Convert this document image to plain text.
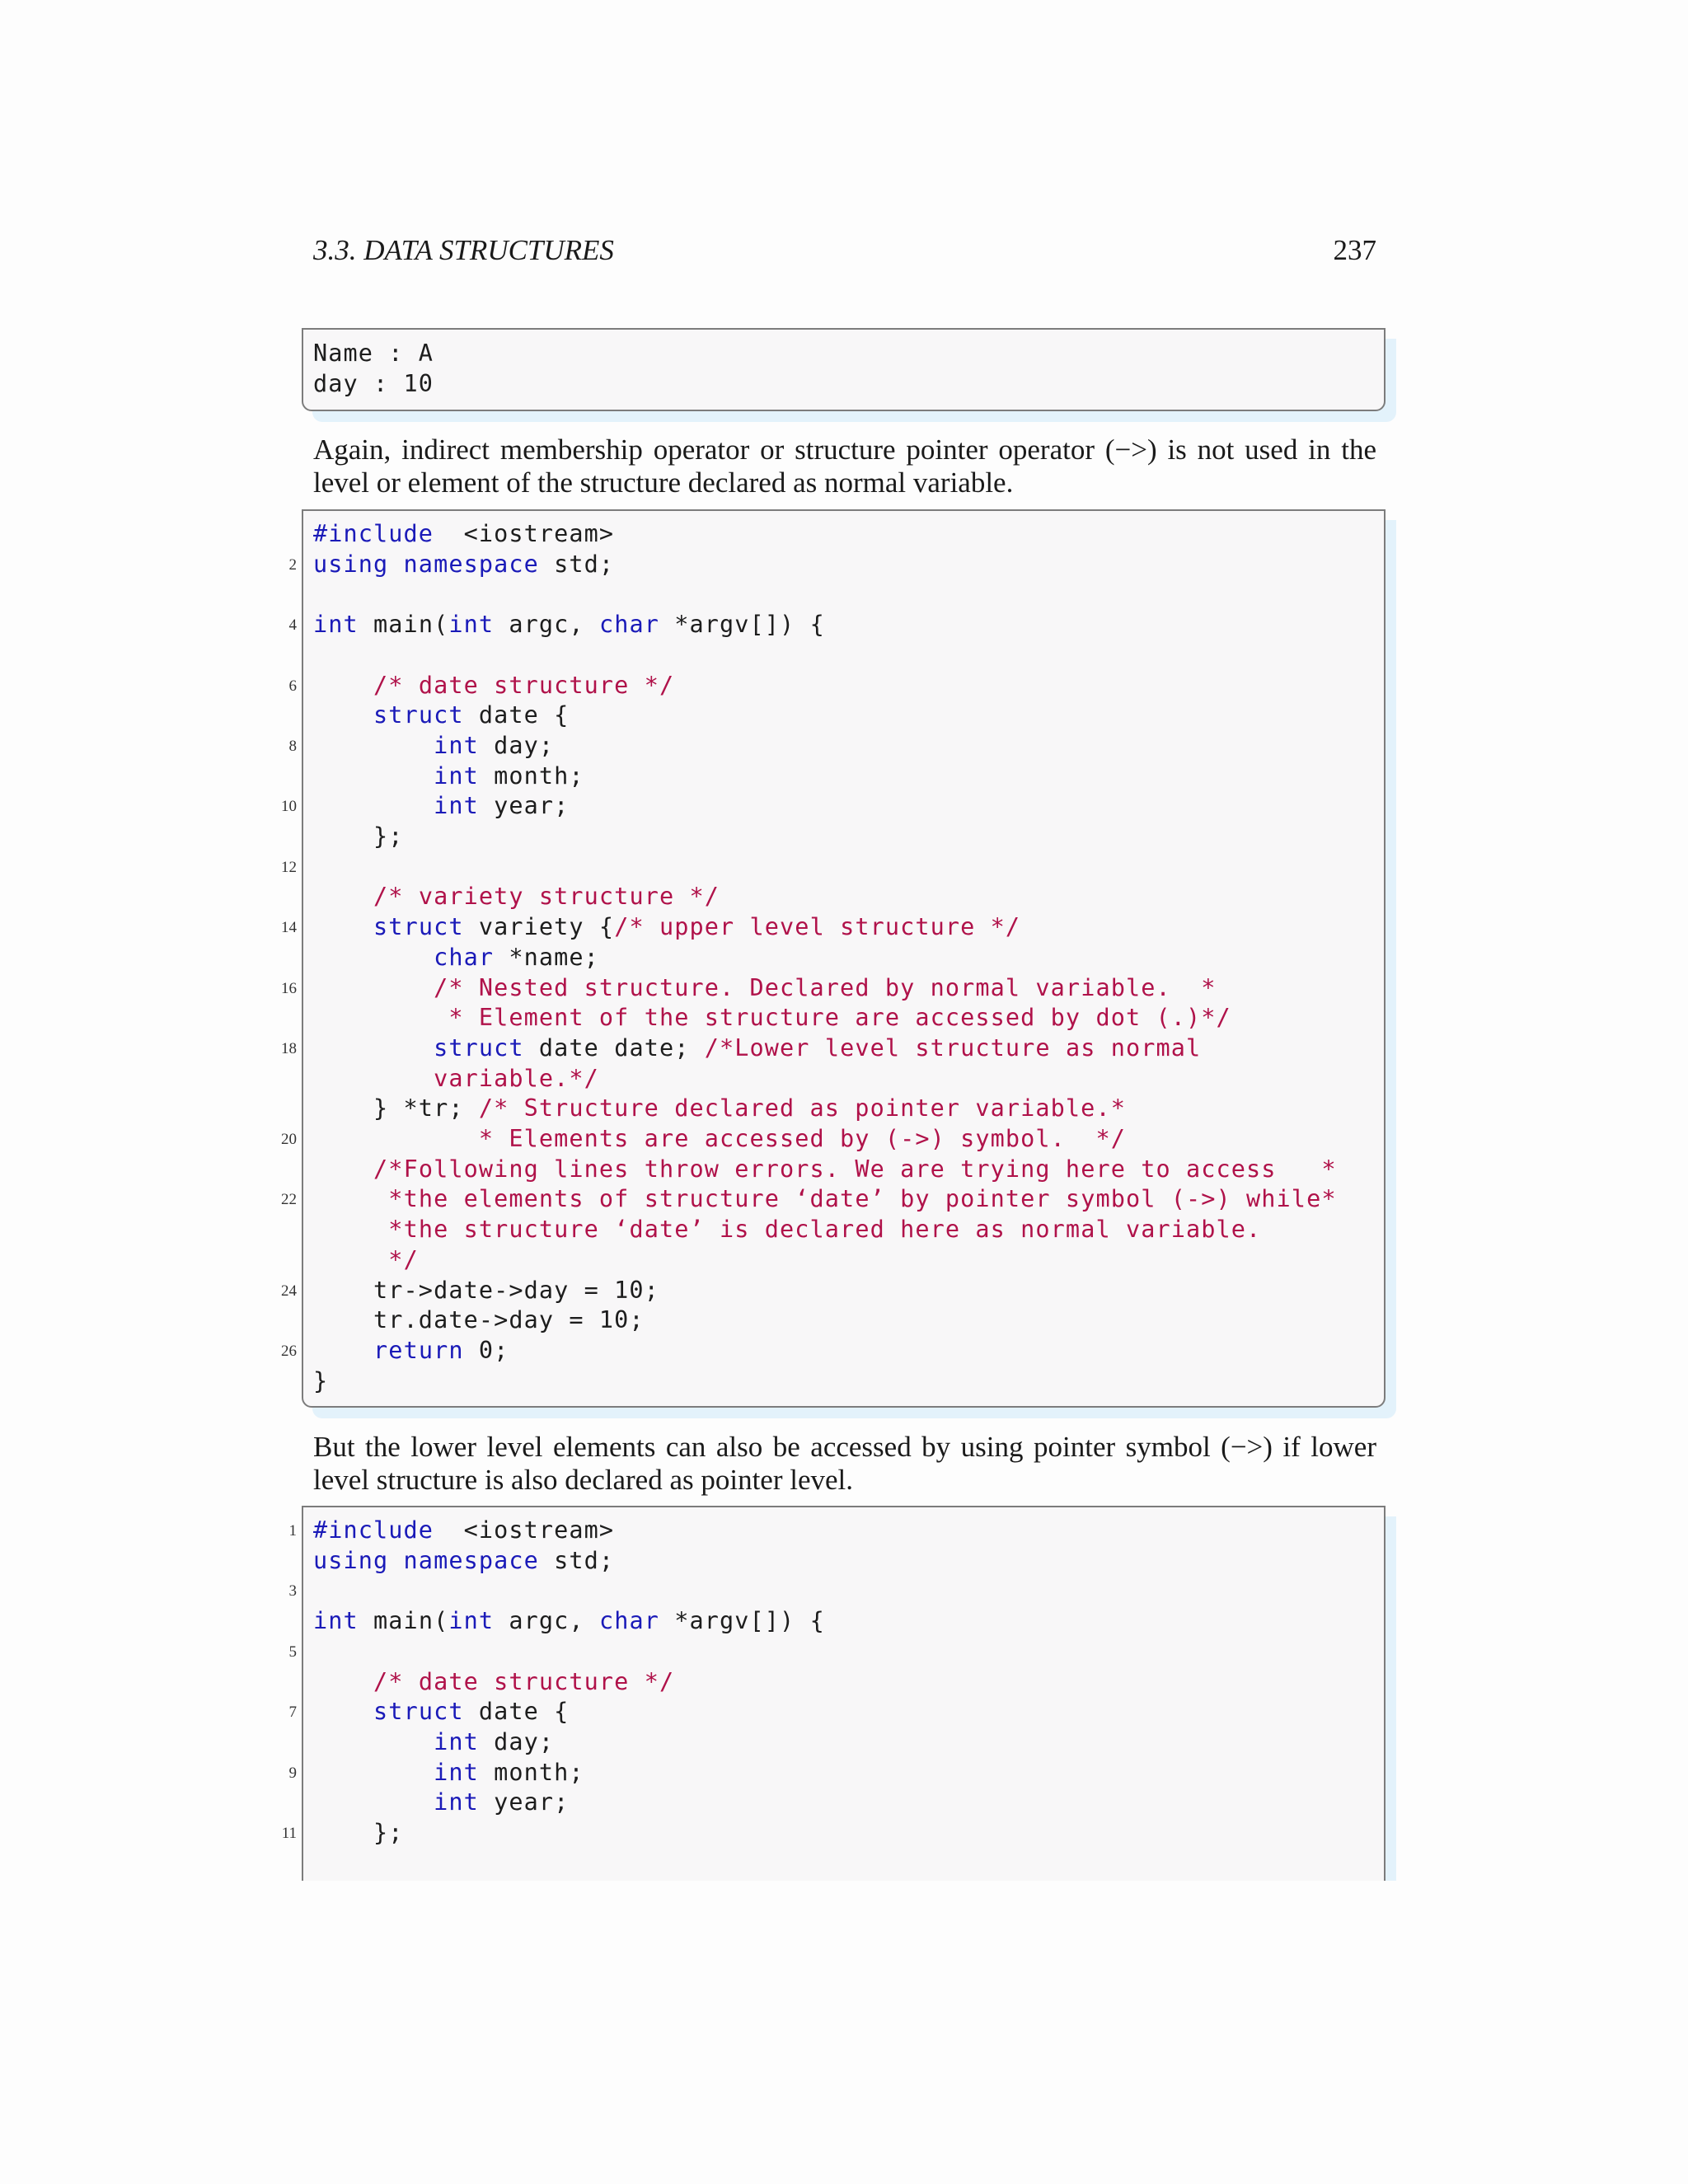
3.3. DATA STRUCTURES	237
Name : A
day : 10

Again, indirect membership operator or structure pointer operator (−>) is not used in the level or element of the structure declared as normal variable.

#include  <iostream>
2 using namespace std;
4 int main(int argc, char *argv[]) {
6	/* date structure */
struct date {
8	int day;
int month;
10	int year;
};
12
/* variety structure */
14	struct variety {/* upper level structure */
char *name;
16	/* Nested structure. Declared by normal variable.  *
* Element of the structure are accessed by dot (.)*/
18	struct date date; /*Lower level structure as normal
variable.*/
} *tr; /* Structure declared as pointer variable.*
20	* Elements are accessed by (->) symbol.  */
/*Following lines throw errors. We are trying here to access   *
22	*the elements of structure ‘date’ by pointer symbol (->) while*
*the structure ‘date’ is declared here as normal variable.
*/
24 tr->date->day = 10;
tr.date->day = 10;
26	return 0;
}

But the lower level elements can also be accessed by using pointer symbol (−>) if lower level structure is also declared as pointer level.

1 #include  <iostream>
using namespace std;
3
int main(int argc, char *argv[]) {
5
/* date structure */
7	struct date {
int day;
9	int month;
int year;
11 };
